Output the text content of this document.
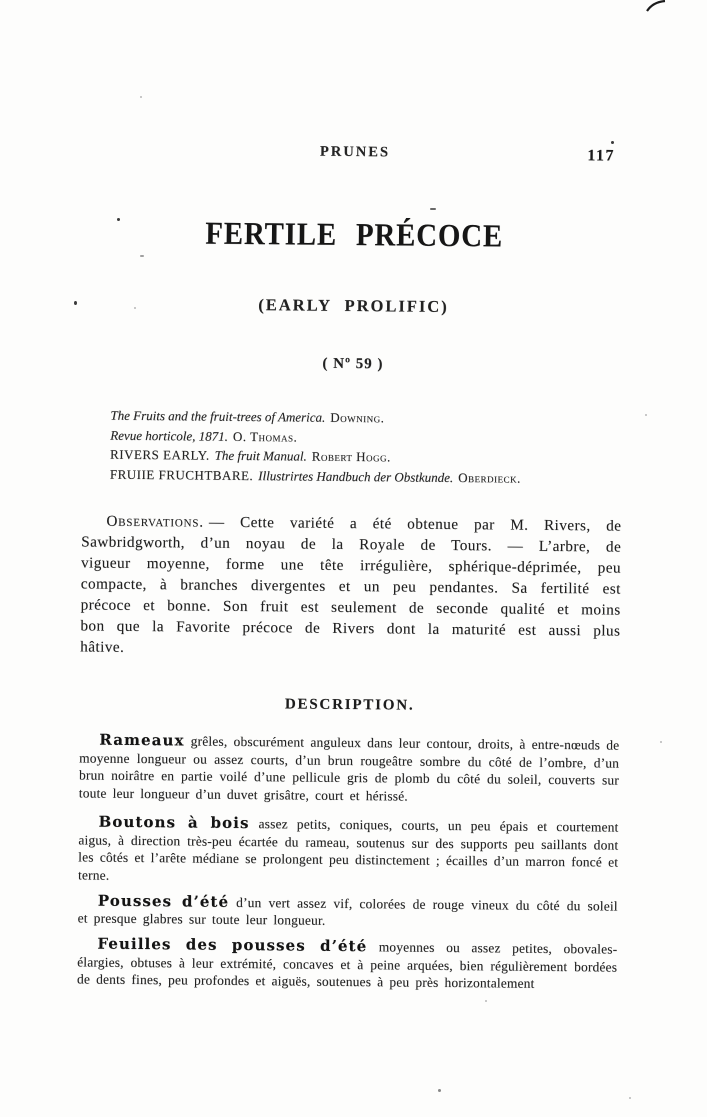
PRUNES	117
FERTILE PRÉCOCE
(EARLY PROLIFIC)
( Nº 59 )
The Fruits and the fruit-trees of America. Downing.
Revue horticole, 1871. O. Thomas.
RIVERS EARLY. The fruit Manual. Robert Hogg.
FRUIIE FRUCHTBARE. Illustrirtes Handbuch der Obstkunde. Oberdieck.

Observations. — Cette variété a été obtenue par M. Rivers, de Sawbridgworth, d’un noyau de la Royale de Tours. — L’arbre, de vigueur moyenne, forme une tête irrégulière, sphérique-déprimée, peu compacte, à branches divergentes et un peu pendantes. Sa fertilité est précoce et bonne. Son fruit est seulement de seconde qualité et moins bon que la Favorite précoce de Rivers dont la maturité est aussi plus hâtive.

DESCRIPTION.

Rameaux grêles, obscurément anguleux dans leur contour, droits, à entre-nœuds de moyenne longueur ou assez courts, d’un brun rougeâtre sombre du côté de l’ombre, d’un brun noirâtre en partie voilé d’une pellicule gris de plomb du côté du soleil, couverts sur toute leur longueur d’un duvet grisâtre, court et hérissé.

Boutons à bois assez petits, coniques, courts, un peu épais et courtement aigus, à direction très-peu écartée du rameau, soutenus sur des supports peu saillants dont les côtés et l’arête médiane se prolongent peu distinctement ; écailles d’un marron foncé et terne.

Pousses d’été d’un vert assez vif, colorées de rouge vineux du côté du soleil et presque glabres sur toute leur longueur.

Feuilles des pousses d’été moyennes ou assez petites, obovales-élargies, obtuses à leur extrémité, concaves et à peine arquées, bien régulièrement bordées de dents fines, peu profondes et aiguës, soutenues à peu près horizontalement
